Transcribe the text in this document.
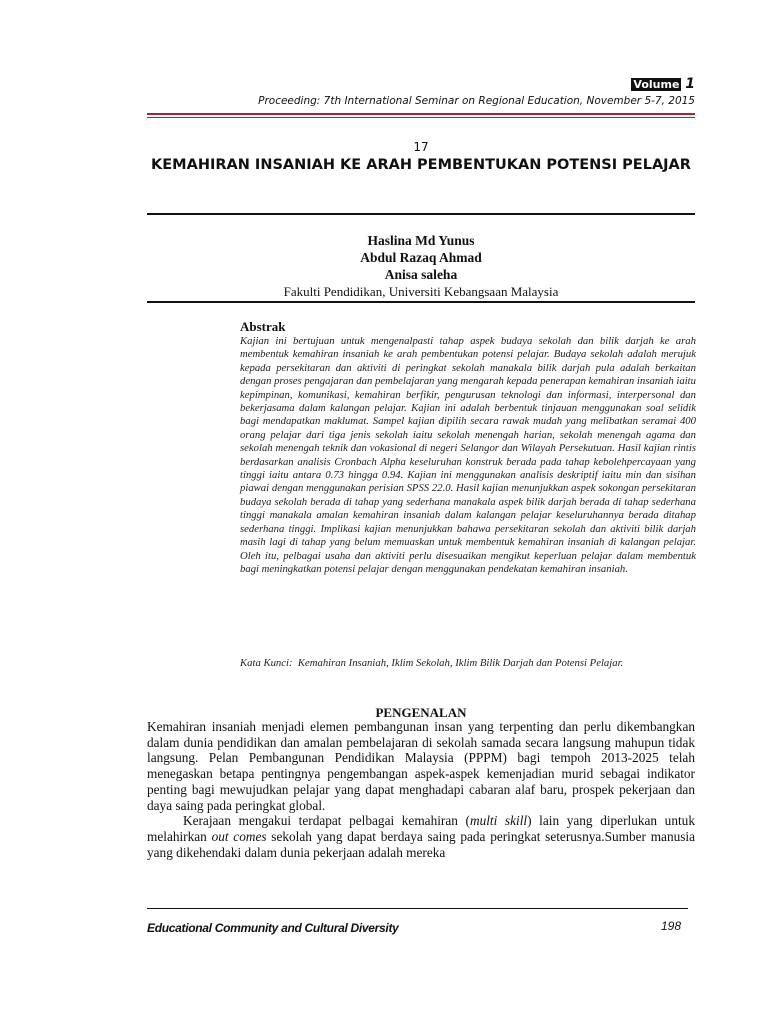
Volume 1
Proceeding: 7th International Seminar on Regional Education, November 5-7, 2015
17
KEMAHIRAN INSANIAH KE ARAH PEMBENTUKAN POTENSI PELAJAR
Haslina Md Yunus
Abdul Razaq Ahmad
Anisa saleha
Fakulti Pendidikan, Universiti Kebangsaan Malaysia
Abstrak
Kajian ini bertujuan untuk mengenalpasti tahap aspek budaya sekolah dan bilik darjah ke arah membentuk kemahiran insaniah ke arah pembentukan potensi pelajar. Budaya sekolah adalah merujuk kepada persekitaran dan aktiviti di peringkat sekolah manakala bilik darjah pula adalah berkaitan dengan proses pengajaran dan pembelajaran yang mengarah kepada penerapan kemahiran insaniah iaitu kepimpinan, komunikasi, kemahiran berfikir, pengurusan teknologi dan informasi, interpersonal dan bekerjasama dalam kalangan pelajar. Kajian ini adalah berbentuk tinjauan menggunakan soal selidik bagi mendapatkan maklumat. Sampel kajian dipilih secara rawak mudah yang melibatkan seramai 400 orang pelajar dari tiga jenis sekolah iaitu sekolah menengah harian, sekolah menengah agama dan sekolah menengah teknik dan vokasional di negeri Selangor dan Wilayah Persekutuan. Hasil kajian rintis berdasarkan analisis Cronbach Alpha keseluruhan konstruk berada pada tahap kebolehpercayaan yang tinggi iaitu antara 0.73 hingga 0.94. Kajian ini menggunakan analisis deskriptif iaitu min dan sisihan piawai dengan menggunakan perisian SPSS 22.0. Hasil kajian menunjukkan aspek sokongan persekitaran budaya sekolah berada di tahap yang sederhana manakala aspek bilik darjah berada di tahap sederhana tinggi manakala amalan kemahiran insaniah dalam kalangan pelajar keseluruhannya berada ditahap sederhana tinggi. Implikasi kajian menunjukkan bahawa persekitaran sekolah dan aktiviti bilik darjah masih lagi di tahap yang belum memuaskan untuk membentuk kemahiran insaniah di kalangan pelajar. Oleh itu, pelbagai usaha dan aktiviti perlu disesuaikan mengikut keperluan pelajar dalam membentuk bagi meningkatkan potensi pelajar dengan menggunakan pendekatan kemahiran insaniah.
Kata Kunci: Kemahiran Insaniah, Iklim Sekolah, Iklim Bilik Darjah dan Potensi Pelajar.
PENGENALAN

Kemahiran insaniah menjadi elemen pembangunan insan yang terpenting dan perlu dikembangkan dalam dunia pendidikan dan amalan pembelajaran di sekolah samada secara langsung mahupun tidak langsung. Pelan Pembangunan Pendidikan Malaysia (PPPM) bagi tempoh 2013-2025 telah menegaskan betapa pentingnya pengembangan aspek-aspek kemenjadian murid sebagai indikator penting bagi mewujudkan pelajar yang dapat menghadapi cabaran alaf baru, prospek pekerjaan dan daya saing pada peringkat global.

Kerajaan mengakui terdapat pelbagai kemahiran (multi skill) lain yang diperlukan untuk melahirkan out comes sekolah yang dapat berdaya saing pada peringkat seterusnya.Sumber manusia yang dikehendaki dalam dunia pekerjaan adalah mereka

Educational Community and Cultural Diversity	198
